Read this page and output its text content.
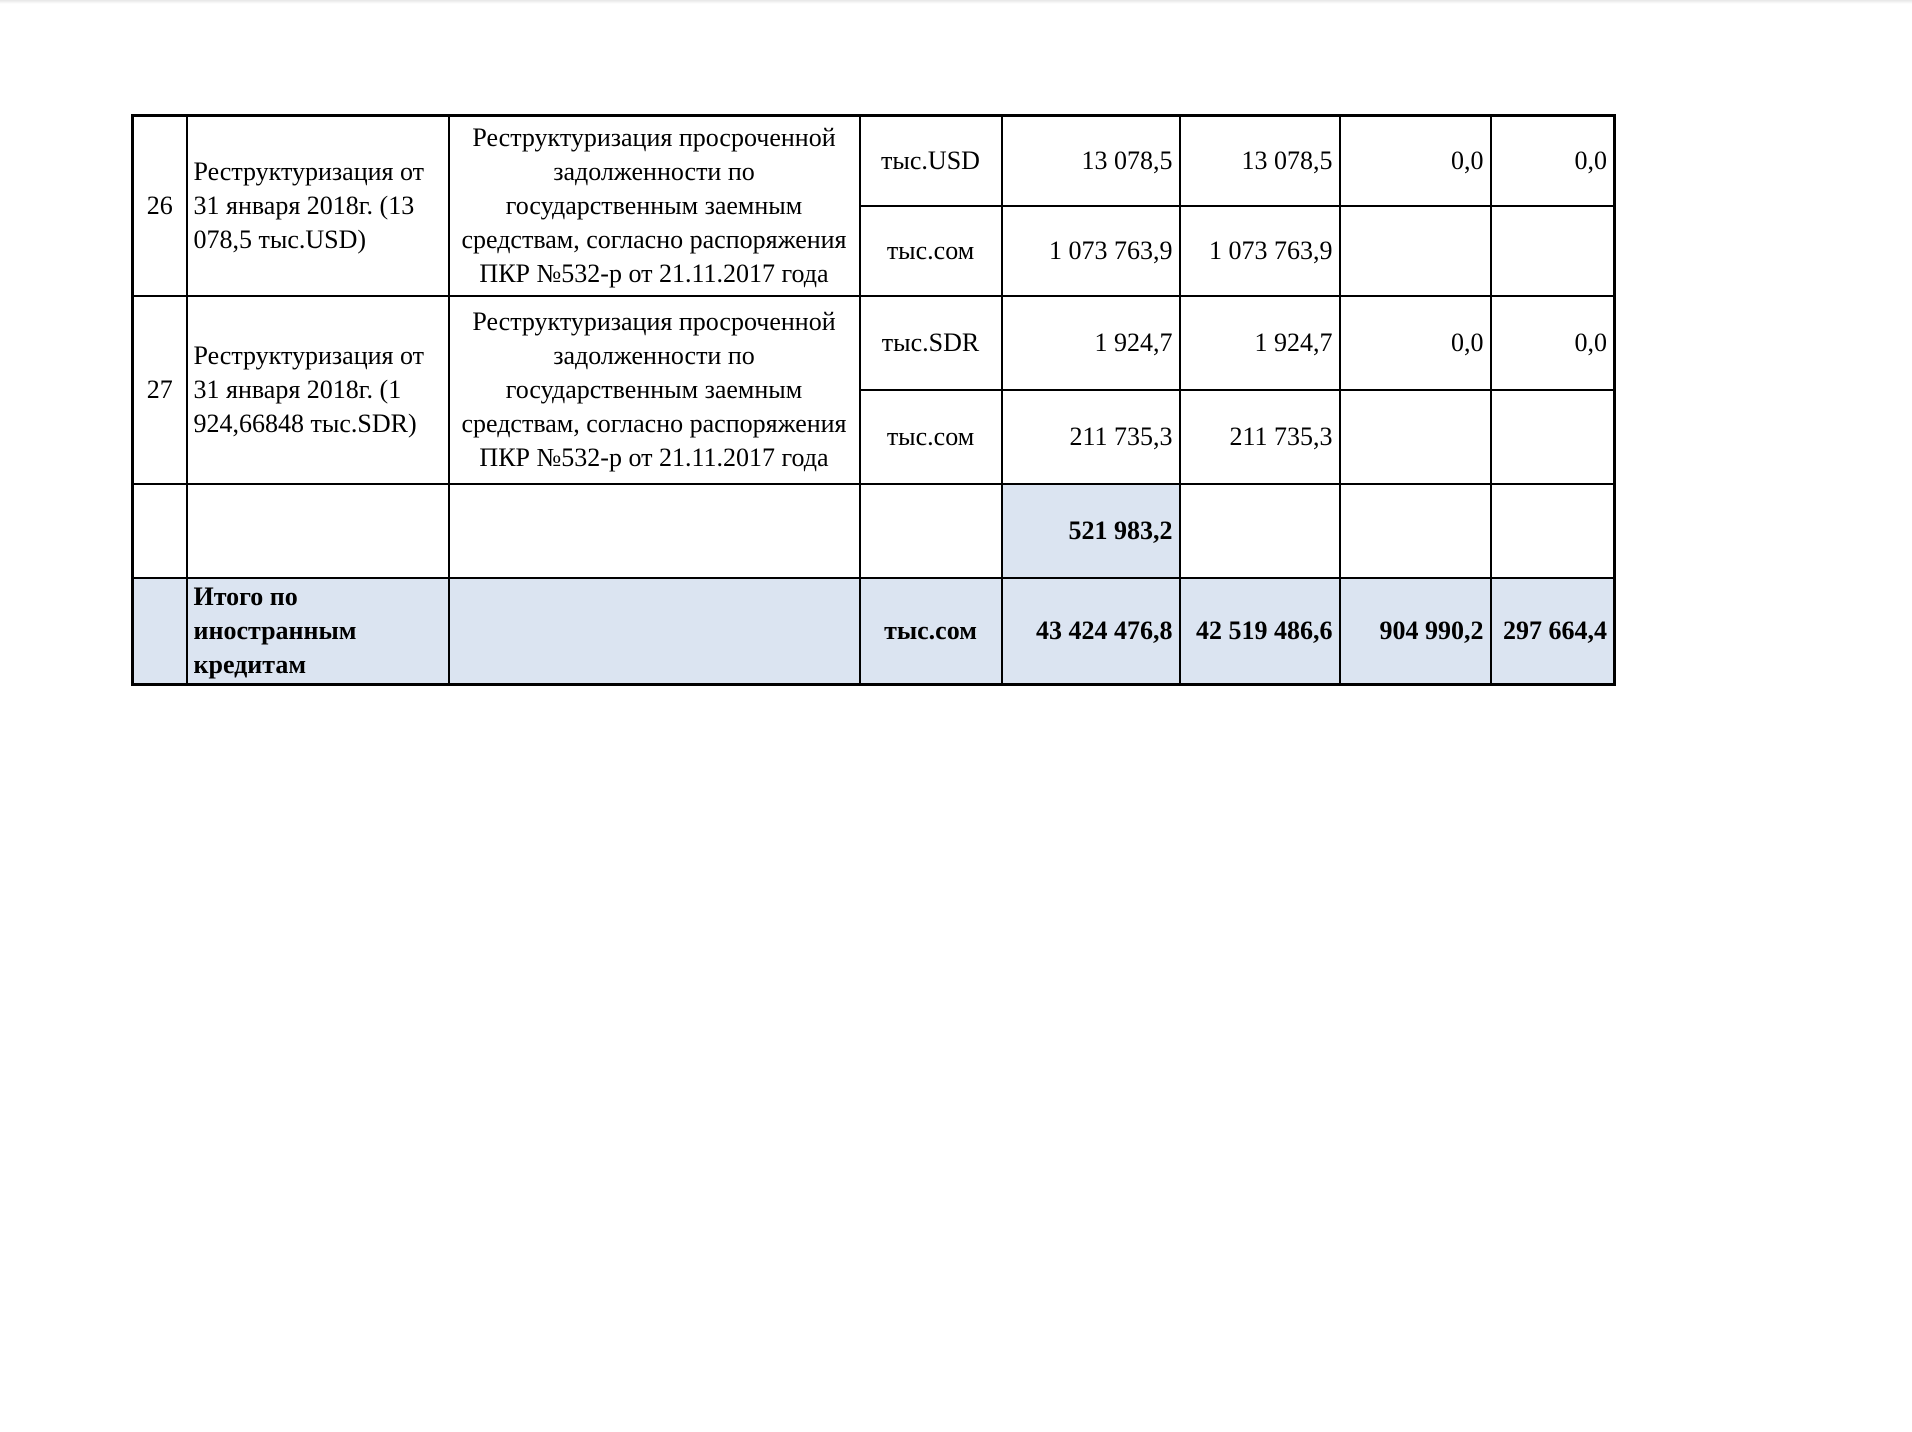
26	Реструктуризация от 31 января 2018г. (13 078,5 тыс.USD)	Реструктуризация просроченной задолженности по государственным заемным средствам, согласно распоряжения ПКР №532-р от 21.11.2017 года	тыс.USD	13 078,5	13 078,5	0,0	0,0
			тыс.сом	1 073 763,9	1 073 763,9		
27	Реструктуризация от 31 января 2018г. (1 924,66848 тыс.SDR)	Реструктуризация просроченной задолженности по государственным заемным средствам, согласно распоряжения ПКР №532-р от 21.11.2017 года	тыс.SDR	1 924,7	1 924,7	0,0	0,0
			тыс.сом	211 735,3	211 735,3		
				521 983,2			
	Итого по иностранным кредитам		тыс.сом	43 424 476,8	42 519 486,6	904 990,2	297 664,4
